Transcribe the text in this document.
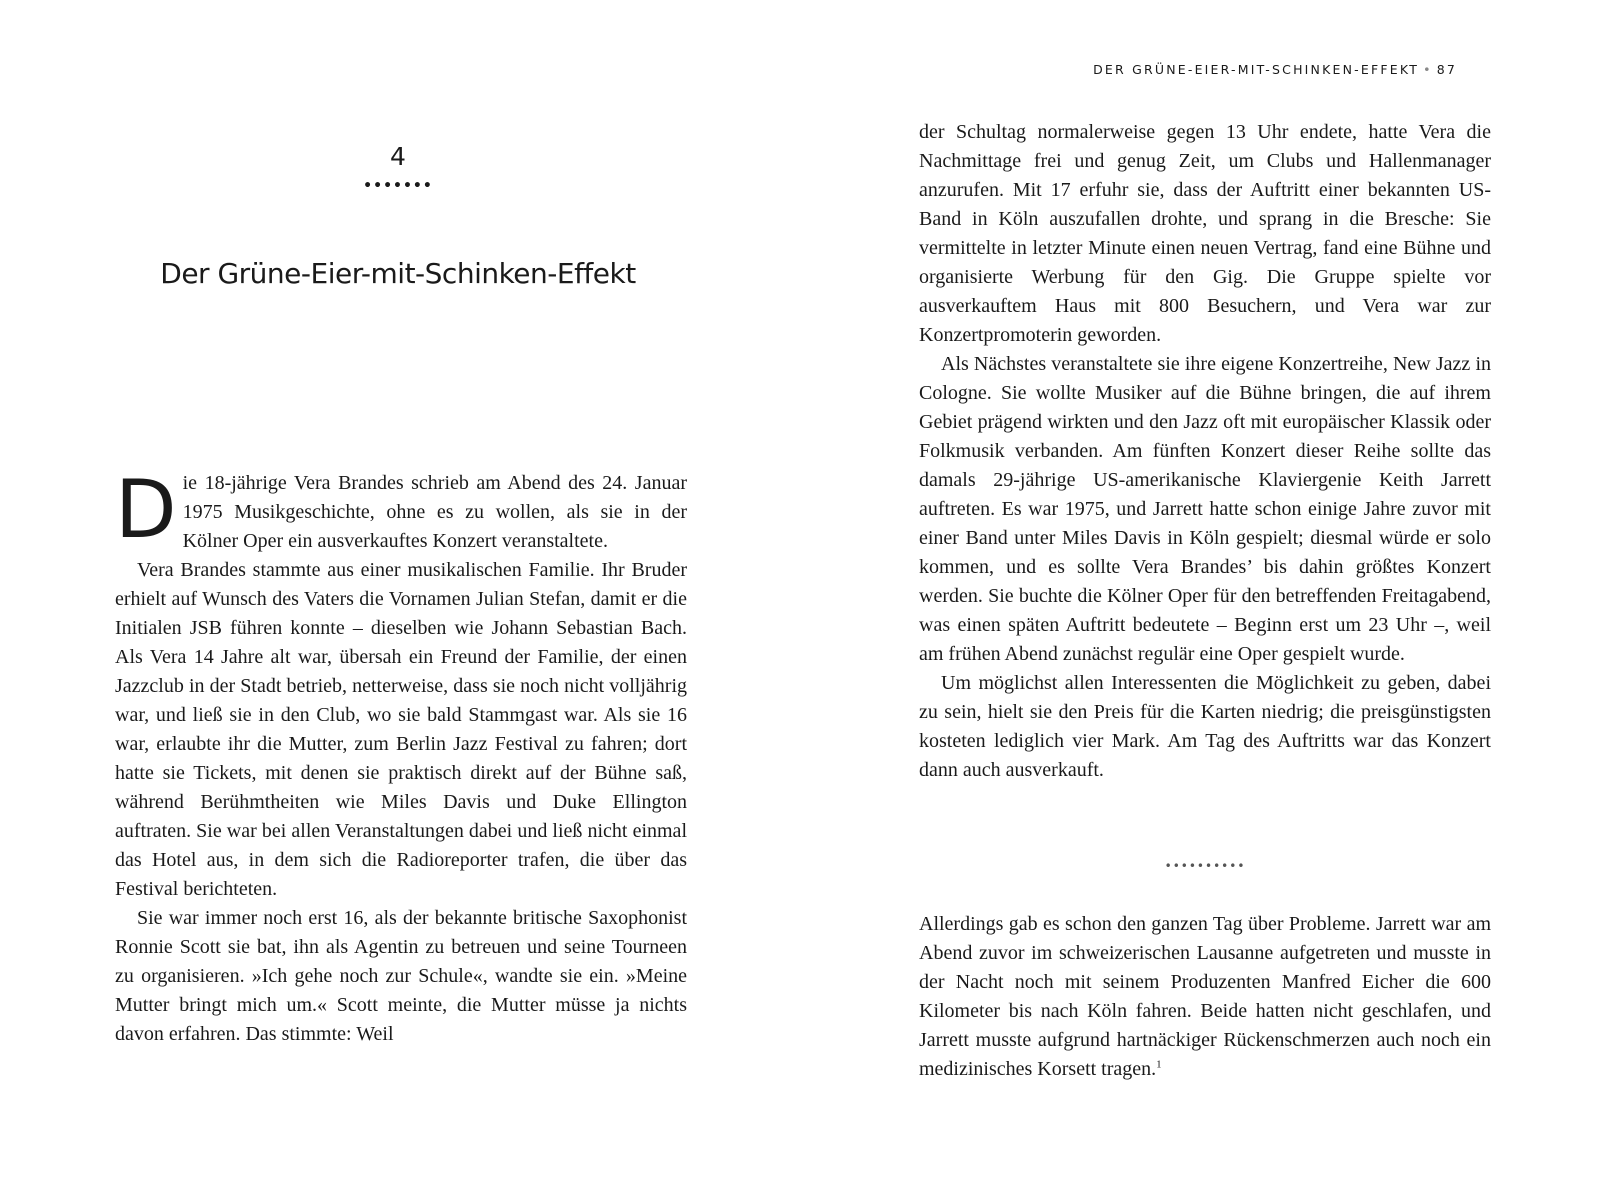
4
•••••••
Der Grüne-Eier-mit-Schinken-Effekt

Die 18-jährige Vera Brandes schrieb am Abend des 24. Januar 1975 Musikgeschichte, ohne es zu wollen, als sie in der Kölner Oper ein ausverkauftes Konzert veranstaltete.

Vera Brandes stammte aus einer musikalischen Familie. Ihr Bruder erhielt auf Wunsch des Vaters die Vornamen Julian Stefan, damit er die Initialen JSB führen konnte – dieselben wie Johann Sebastian Bach. Als Vera 14 Jahre alt war, übersah ein Freund der Familie, der einen Jazzclub in der Stadt betrieb, netterweise, dass sie noch nicht volljährig war, und ließ sie in den Club, wo sie bald Stammgast war. Als sie 16 war, erlaubte ihr die Mutter, zum Berlin Jazz Festival zu fahren; dort hatte sie Tickets, mit denen sie praktisch direkt auf der Bühne saß, während Berühmtheiten wie Miles Davis und Duke Ellington auftraten. Sie war bei allen Veranstaltungen dabei und ließ nicht einmal das Hotel aus, in dem sich die Radioreporter trafen, die über das Festival berichteten.

Sie war immer noch erst 16, als der bekannte britische Saxophonist Ronnie Scott sie bat, ihn als Agentin zu betreuen und seine Tourneen zu organisieren. »Ich gehe noch zur Schule«, wandte sie ein. »Meine Mutter bringt mich um.« Scott meinte, die Mutter müsse ja nichts davon erfahren. Das stimmte: Weil

DER GRÜNE-EIER-MIT-SCHINKEN-EFFEKT • 87

der Schultag normalerweise gegen 13 Uhr endete, hatte Vera die Nachmittage frei und genug Zeit, um Clubs und Hallenmanager anzurufen. Mit 17 erfuhr sie, dass der Auftritt einer bekannten US-Band in Köln auszufallen drohte, und sprang in die Bresche: Sie vermittelte in letzter Minute einen neuen Vertrag, fand eine Bühne und organisierte Werbung für den Gig. Die Gruppe spielte vor ausverkauftem Haus mit 800 Besuchern, und Vera war zur Konzertpromoterin geworden.

Als Nächstes veranstaltete sie ihre eigene Konzertreihe, New Jazz in Cologne. Sie wollte Musiker auf die Bühne bringen, die auf ihrem Gebiet prägend wirkten und den Jazz oft mit europäischer Klassik oder Folkmusik verbanden. Am fünften Konzert dieser Reihe sollte das damals 29-jährige US-amerikanische Klaviergenie Keith Jarrett auftreten. Es war 1975, und Jarrett hatte schon einige Jahre zuvor mit einer Band unter Miles Davis in Köln gespielt; diesmal würde er solo kommen, und es sollte Vera Brandes’ bis dahin größtes Konzert werden. Sie buchte die Kölner Oper für den betreffenden Freitagabend, was einen späten Auftritt bedeutete – Beginn erst um 23 Uhr –, weil am frühen Abend zunächst regulär eine Oper gespielt wurde.

Um möglichst allen Interessenten die Möglichkeit zu geben, dabei zu sein, hielt sie den Preis für die Karten niedrig; die preisgünstigsten kosteten lediglich vier Mark. Am Tag des Auftritts war das Konzert dann auch ausverkauft.

••••••••••

Allerdings gab es schon den ganzen Tag über Probleme. Jarrett war am Abend zuvor im schweizerischen Lausanne aufgetreten und musste in der Nacht noch mit seinem Produzenten Manfred Eicher die 600 Kilometer bis nach Köln fahren. Beide hatten nicht geschlafen, und Jarrett musste aufgrund hartnäckiger Rückenschmerzen auch noch ein medizinisches Korsett tragen.$^1$
